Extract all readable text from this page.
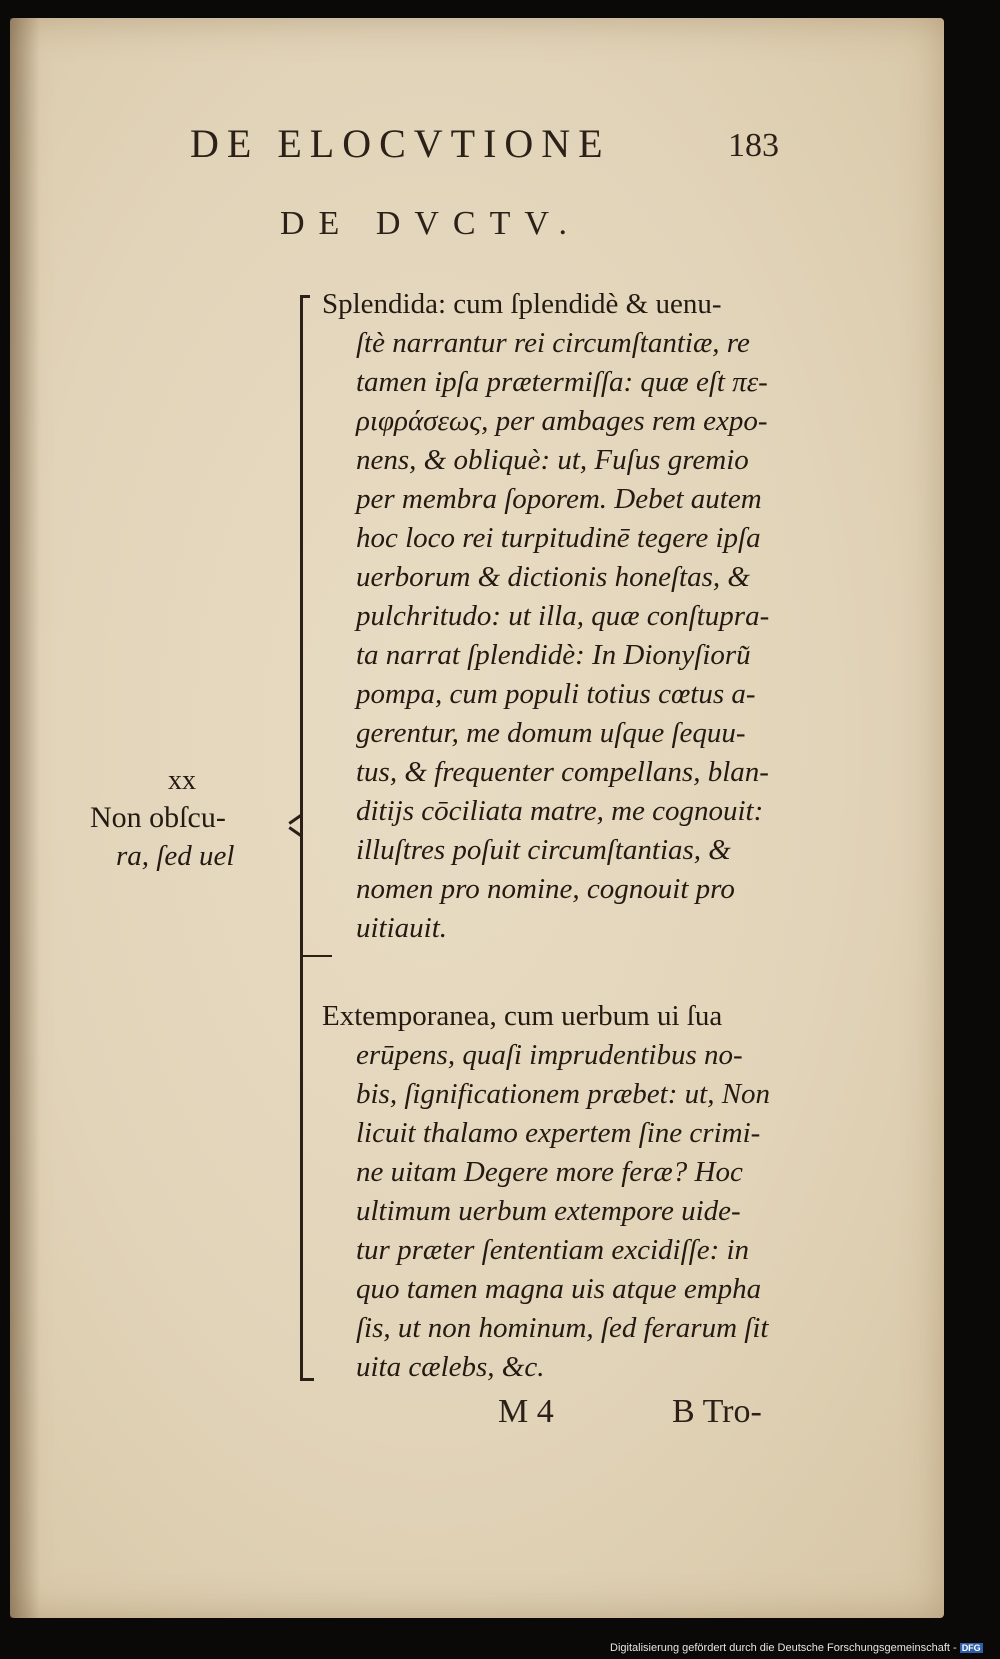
DE ELOCVTIONE	183
DE DVCTV.
xx
Non obſcu-
ra, ſed uel
Splendida: cum ſplendidè & uenu-
ſtè narrantur rei circumſtantiæ, re
tamen ipſa prætermiſſa: quæ eſt πε-
ριφράσεως, per ambages rem expo-
nens, & obliquè: ut, Fuſus gremio
per membra ſoporem. Debet autem
hoc loco rei turpitudinē tegere ipſa
uerborum & dictionis honeſtas, &
pulchritudo: ut illa, quæ conſtupra-
ta narrat ſplendidè: In Dionyſioru͂
pompa, cum populi totius cœtus a-
gerentur, me domum uſque ſequu-
tus, & frequenter compellans, blan-
ditijs cōciliata matre, me cognouit:
illuſtres poſuit circumſtantias, &
nomen pro nomine, cognouit pro
uitiauit.
Extemporanea, cum uerbum ui ſua
erūpens, quaſi imprudentibus no-
bis, ſignificationem præbet: ut, Non
licuit thalamo expertem ſine crimi-
ne uitam Degere more feræ? Hoc
ultimum uerbum extempore uide-
tur præter ſententiam excidiſſe: in
quo tamen magna uis atque empha
ſis, ut non hominum, ſed ferarum ſit
uita cælebs, &c.
M 4	B Tro-
Digitalisierung gefördert durch die Deutsche Forschungsgemeinschaft - DFG
